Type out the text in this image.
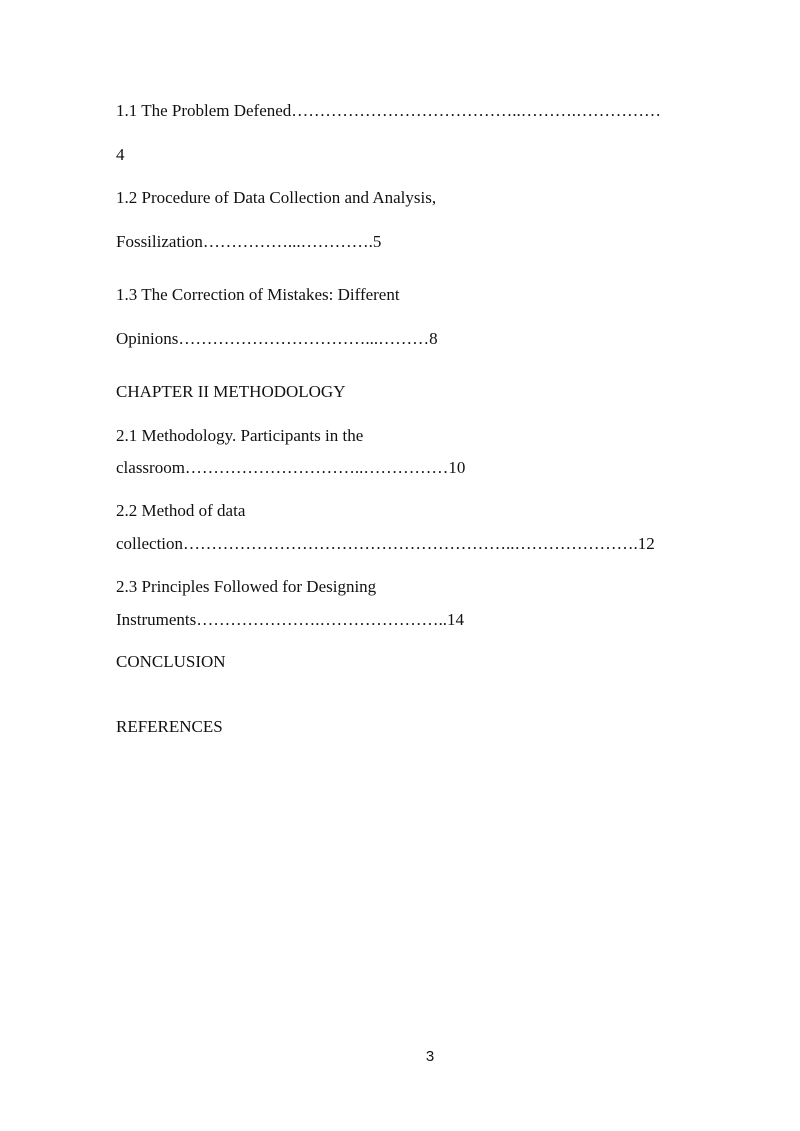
1.1 The Problem Defened…………………………………..……….……………

4

1.2 Procedure of Data Collection and Analysis,

Fossilization……………...………….5

1.3 The Correction of Mistakes: Different

Opinions……………………………...………8

CHAPTER II METHODOLOGY

2.1 Methodology. Participants in the

classroom…………………………..……………10

2.2 Method of data

collection…………………………………………………..………………….12

2.3 Principles Followed for Designing

Instruments………………….…………………..14

CONCLUSION

REFERENCES

3
